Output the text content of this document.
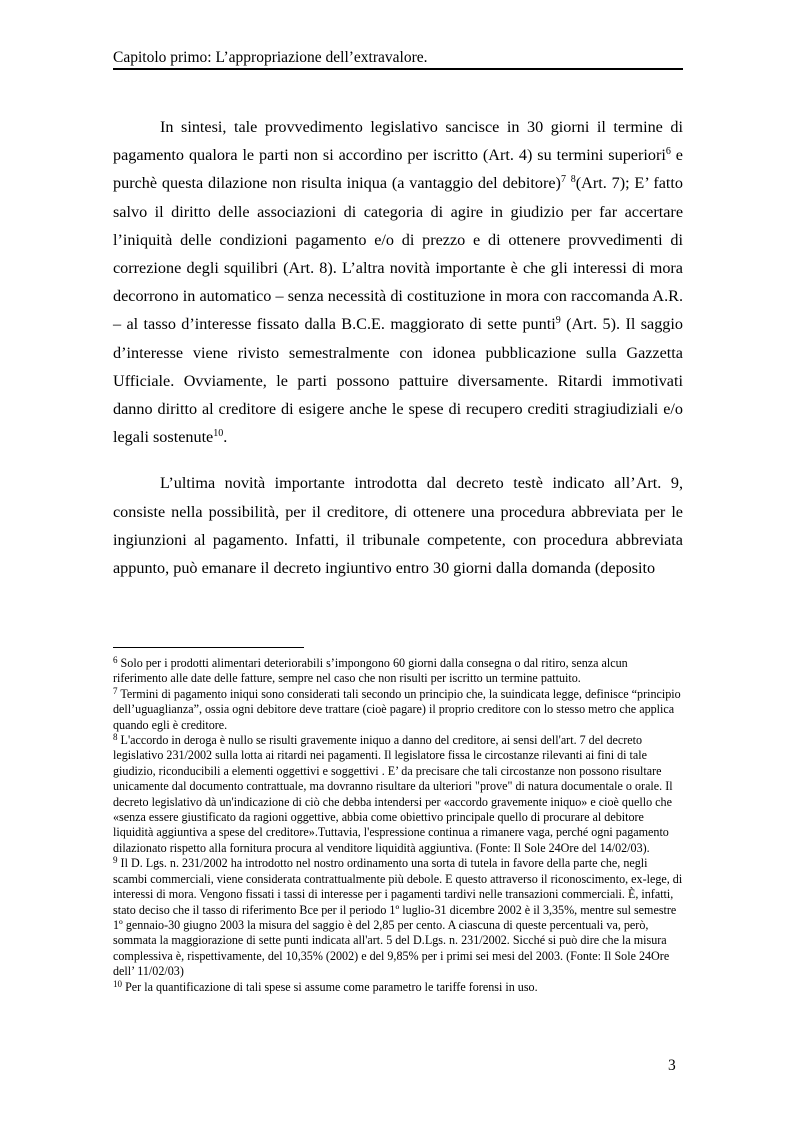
Capitolo primo: L’appropriazione dell’extravalore.

In sintesi, tale provvedimento legislativo sancisce in 30 giorni il termine di pagamento qualora le parti non si accordino per iscritto (Art. 4) su termini superiori$^6$ e purchè questa dilazione non risulta iniqua (a vantaggio del debitore)$^7$ $^8$(Art. 7); E’ fatto salvo il diritto delle associazioni di categoria di agire in giudizio per far accertare l’iniquità delle condizioni pagamento e/o di prezzo e di ottenere provvedimenti di correzione degli squilibri (Art. 8). L’altra novità importante è che gli interessi di mora decorrono in automatico – senza necessità di costituzione in mora con raccomanda A.R. – al tasso d’interesse fissato dalla B.C.E. maggiorato di sette punti$^9$ (Art. 5). Il saggio d’interesse viene rivisto semestralmente con idonea pubblicazione sulla Gazzetta Ufficiale. Ovviamente, le parti possono pattuire diversamente. Ritardi immotivati danno diritto al creditore di esigere anche le spese di recupero crediti stragiudiziali e/o legali sostenute$^{10}$.

L’ultima novità importante introdotta dal decreto testè indicato all’Art. 9, consiste nella possibilità, per il creditore, di ottenere una procedura abbreviata per le ingiunzioni al pagamento. Infatti, il tribunale competente, con procedura abbreviata appunto, può emanare il decreto ingiuntivo entro 30 giorni dalla domanda (deposito

$^6$ Solo per i prodotti alimentari deteriorabili s’impongono 60 giorni dalla consegna o dal ritiro, senza alcun riferimento alle date delle fatture, sempre nel caso che non risulti per iscritto un termine pattuito.

$^7$ Termini di pagamento iniqui sono considerati tali secondo un principio che, la suindicata legge, definisce “principio dell’uguaglianza”, ossia ogni debitore deve trattare (cioè pagare) il proprio creditore con lo stesso metro che applica quando egli è creditore.

$^8$ L'accordo in deroga è nullo se risulti gravemente iniquo a danno del creditore, ai sensi dell'art. 7 del decreto legislativo 231/2002 sulla lotta ai ritardi nei pagamenti. Il legislatore fissa le circostanze rilevanti ai fini di tale giudizio, riconducibili a elementi oggettivi e soggettivi . E’ da precisare che tali circostanze non possono risultare unicamente dal documento contrattuale, ma dovranno risultare da ulteriori "prove" di natura documentale o orale. Il decreto legislativo dà un'indicazione di ciò che debba intendersi per «accordo gravemente iniquo» e cioè quello che «senza essere giustificato da ragioni oggettive, abbia come obiettivo principale quello di procurare al debitore liquidità aggiuntiva a spese del creditore».Tuttavia, l'espressione continua a rimanere vaga, perché ogni pagamento dilazionato rispetto alla fornitura procura al venditore liquidità aggiuntiva. (Fonte: Il Sole 24Ore del 14/02/03).

$^9$ Il D. Lgs. n. 231/2002 ha introdotto nel nostro ordinamento una sorta di tutela in favore della parte che, negli scambi commerciali, viene considerata contrattualmente più debole. E questo attraverso il riconoscimento, ex-lege, di interessi di mora. Vengono fissati i tassi di interesse per i pagamenti tardivi nelle transazioni commerciali. È, infatti, stato deciso che il tasso di riferimento Bce per il periodo 1º luglio-31 dicembre 2002 è il 3,35%, mentre sul semestre 1º gennaio-30 giugno 2003 la misura del saggio è del 2,85 per cento. A ciascuna di queste percentuali va, però, sommata la maggiorazione di sette punti indicata all'art. 5 del D.Lgs. n. 231/2002. Sicché si può dire che la misura complessiva è, rispettivamente, del 10,35% (2002) e del 9,85% per i primi sei mesi del 2003. (Fonte: Il Sole 24Ore dell’ 11/02/03)

$^{10}$ Per la quantificazione di tali spese si assume come parametro le tariffe forensi in uso.

3
